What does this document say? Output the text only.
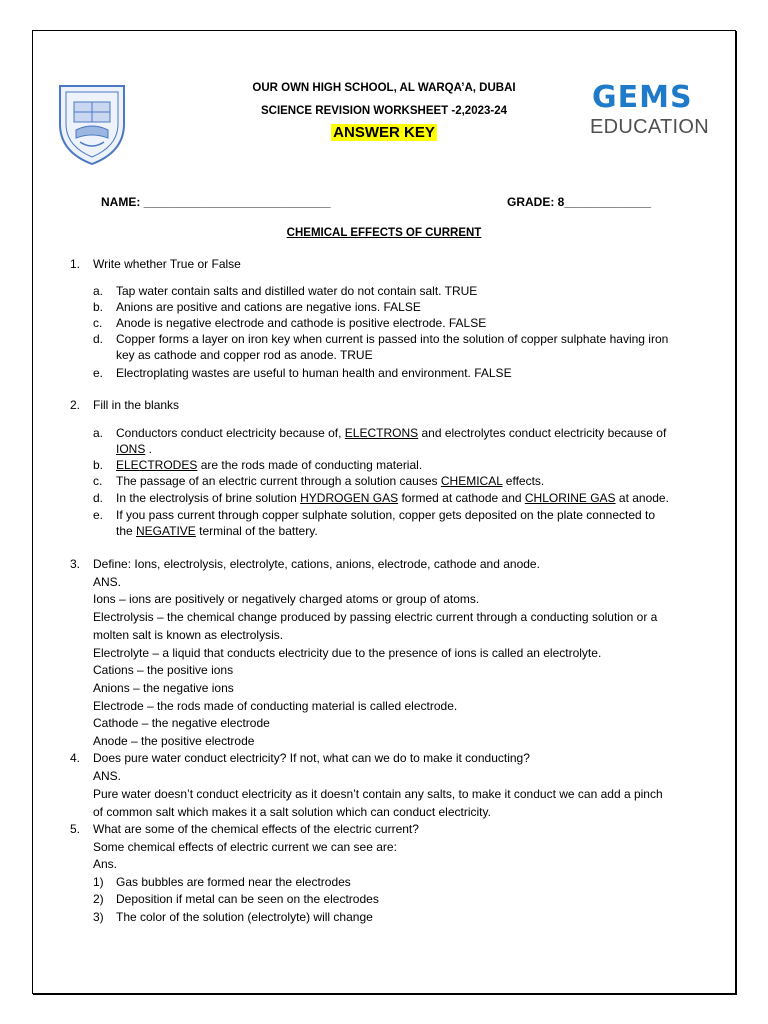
GEMS
EDUCATION
OUR OWN HIGH SCHOOL, AL WARQA’A, DUBAI
SCIENCE REVISION WORKSHEET -2,2023-24
ANSWER KEY
NAME: ____________________________	GRADE: 8_____________
CHEMICAL EFFECTS OF CURRENT
1. Write whether True or False
a. Tap water contain salts and distilled water do not contain salt. TRUE
b. Anions are positive and cations are negative ions. FALSE
c. Anode is negative electrode and cathode is positive electrode. FALSE
d. Copper forms a layer on iron key when current is passed into the solution of copper sulphate having iron
key as cathode and copper rod as anode. TRUE
e. Electroplating wastes are useful to human health and environment. FALSE
2. Fill in the blanks
a. Conductors conduct electricity because of, ELECTRONS and electrolytes conduct electricity because of
IONS .
b. ELECTRODES are the rods made of conducting material.
c. The passage of an electric current through a solution causes CHEMICAL effects.
d. In the electrolysis of brine solution HYDROGEN GAS formed at cathode and CHLORINE GAS at anode.
e. If you pass current through copper sulphate solution, copper gets deposited on the plate connected to
the NEGATIVE terminal of the battery.
3. Define: Ions, electrolysis, electrolyte, cations, anions, electrode, cathode and anode.
ANS.
Ions – ions are positively or negatively charged atoms or group of atoms.
Electrolysis – the chemical change produced by passing electric current through a conducting solution or a
molten salt is known as electrolysis.
Electrolyte – a liquid that conducts electricity due to the presence of ions is called an electrolyte.
Cations – the positive ions
Anions – the negative ions
Electrode – the rods made of conducting material is called electrode.
Cathode – the negative electrode
Anode – the positive electrode
4. Does pure water conduct electricity? If not, what can we do to make it conducting?
ANS.
Pure water doesn’t conduct electricity as it doesn’t contain any salts, to make it conduct we can add a pinch
of common salt which makes it a salt solution which can conduct electricity.
5. What are some of the chemical effects of the electric current?
Some chemical effects of electric current we can see are:
Ans.
1) Gas bubbles are formed near the electrodes
2) Deposition if metal can be seen on the electrodes
3) The color of the solution (electrolyte) will change
